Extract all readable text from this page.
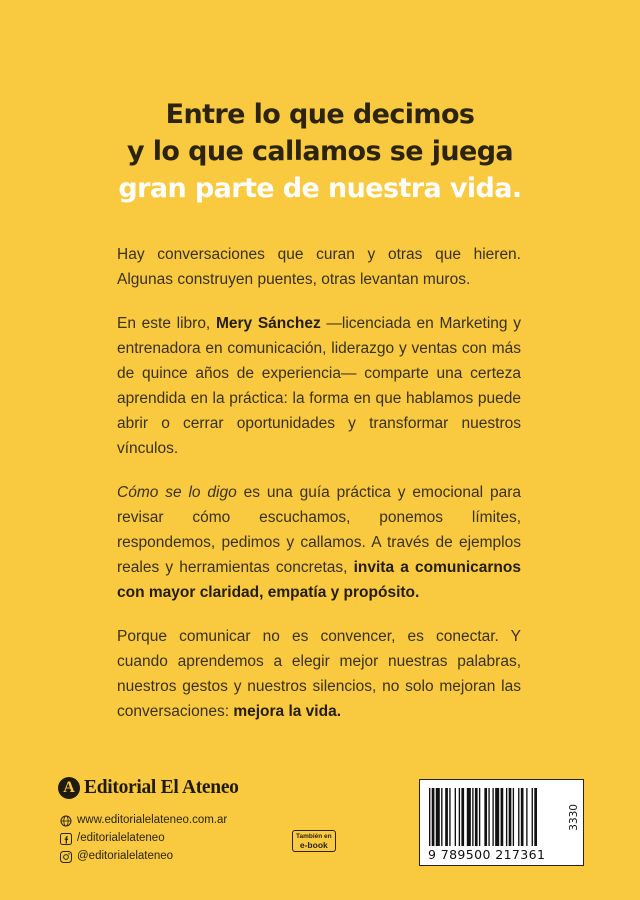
Entre lo que decimos
y lo que callamos se juega
gran parte de nuestra vida.

Hay conversaciones que curan y otras que hieren. Algunas construyen puentes, otras levantan muros.

En este libro, Mery Sánchez —licenciada en Marketing y entrenadora en comunicación, liderazgo y ventas con más de quince años de experiencia— comparte una certeza aprendida en la práctica: la forma en que hablamos puede abrir o cerrar oportunidades y transformar nuestros vínculos.

Cómo se lo digo es una guía práctica y emocional para revisar cómo escuchamos, ponemos límites, respondemos, pedimos y callamos. A través de ejemplos reales y herramientas concretas, invita a comunicarnos con mayor claridad, empatía y propósito.

Porque comunicar no es convencer, es conectar. Y cuando aprendemos a elegir mejor nuestras palabras, nuestros gestos y nuestros silencios, no solo mejoran las conversaciones: mejora la vida.

A Editorial El Ateneo
www.editorialelateneo.com.ar
/editorialelateneo
@editorialelateneo
También en
e-book
9 789500 217361
3330
